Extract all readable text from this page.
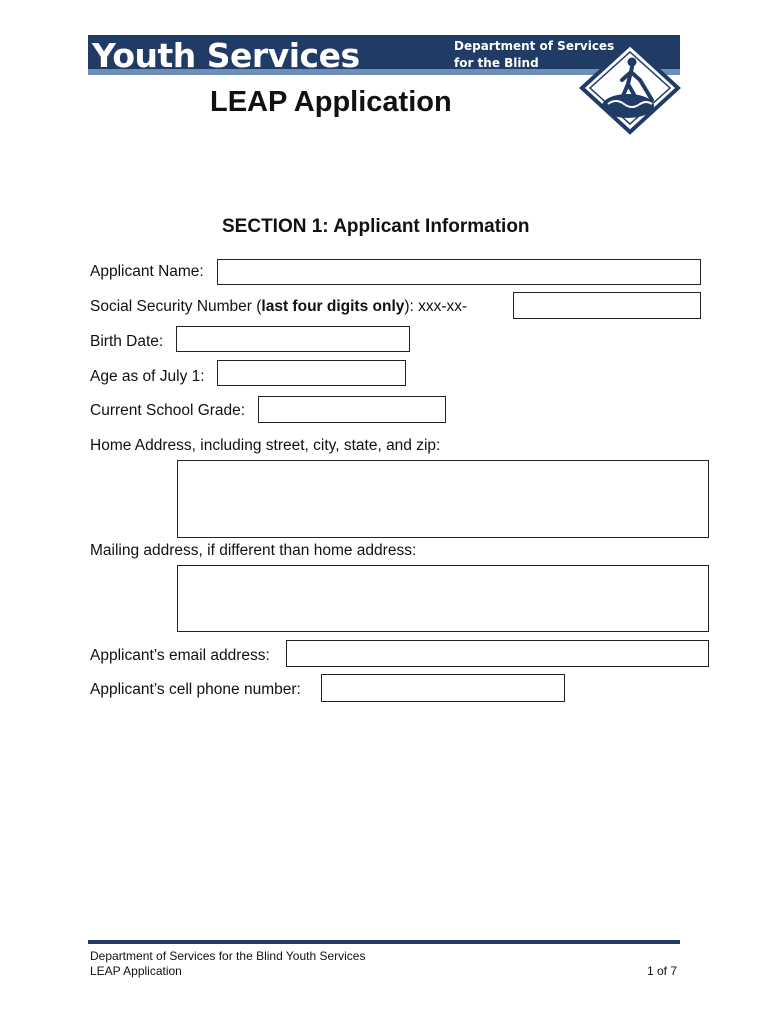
Youth Services	Department of Services
for the Blind
LEAP Application
SECTION 1: Applicant Information
Applicant Name:
Social Security Number (last four digits only): xxx-xx-
Birth Date:
Age as of July 1:
Current School Grade:
Home Address, including street, city, state, and zip:
Mailing address, if different than home address:
Applicant’s email address:
Applicant’s cell phone number:
Department of Services for the Blind Youth Services
LEAP Application	1 of 7
